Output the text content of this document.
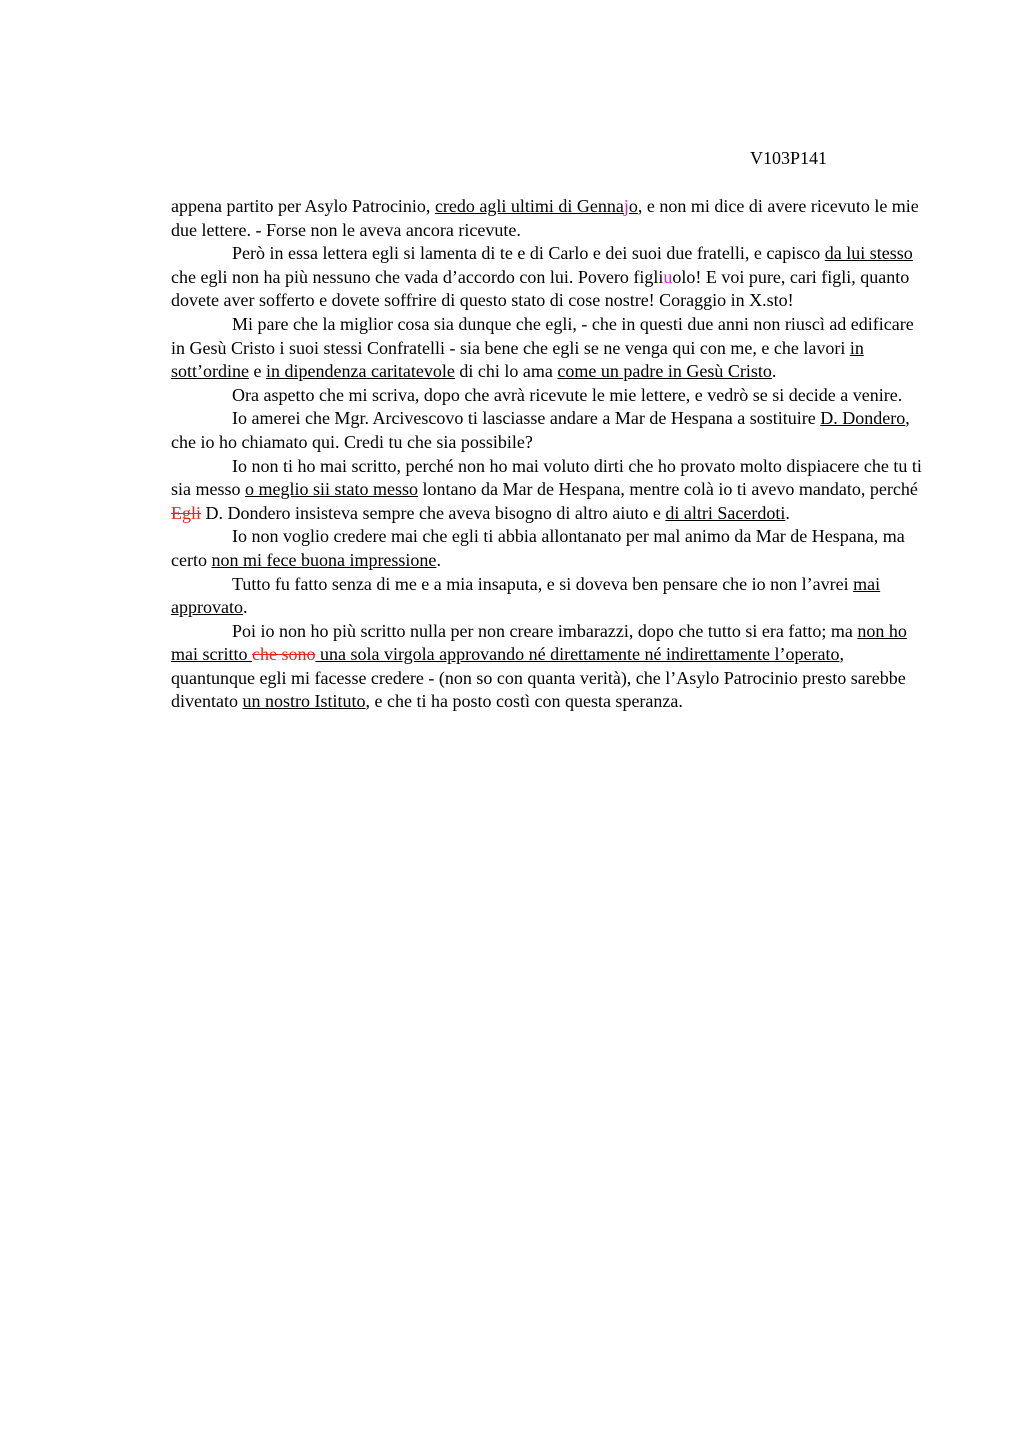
V103P141

appena partito per Asylo Patrocinio, credo agli ultimi di Gennajo, e non mi dice di avere ricevuto le mie due lettere. - Forse non le aveva ancora ricevute.

Però in essa lettera egli si lamenta di te e di Carlo e dei suoi due fratelli, e capisco da lui stesso che egli non ha più nessuno che vada d’accordo con lui. Povero figliuolo! E voi pure, cari figli, quanto dovete aver sofferto e dovete soffrire di questo stato di cose nostre! Coraggio in X.sto!

Mi pare che la miglior cosa sia dunque che egli, - che in questi due anni non riuscì ad edificare in Gesù Cristo i suoi stessi Confratelli - sia bene che egli se ne venga qui con me, e che lavori in sott’ordine e in dipendenza caritatevole di chi lo ama come un padre in Gesù Cristo.

Ora aspetto che mi scriva, dopo che avrà ricevute le mie lettere, e vedrò se si decide a venire.

Io amerei che Mgr. Arcivescovo ti lasciasse andare a Mar de Hespana a sostituire D. Dondero, che io ho chiamato qui. Credi tu che sia possibile?

Io non ti ho mai scritto, perché non ho mai voluto dirti che ho provato molto dispiacere che tu ti sia messo o meglio sii stato messo lontano da Mar de Hespana, mentre colà io ti avevo mandato, perché Egli D. Dondero insisteva sempre che aveva bisogno di altro aiuto e di altri Sacerdoti.

Io non voglio credere mai che egli ti abbia allontanato per mal animo da Mar de Hespana, ma certo non mi fece buona impressione.

Tutto fu fatto senza di me e a mia insaputa, e si doveva ben pensare che io non l’avrei mai approvato.

Poi io non ho più scritto nulla per non creare imbarazzi, dopo che tutto si era fatto; ma non ho mai scritto che sono una sola virgola approvando né direttamente né indirettamente l’operato, quantunque egli mi facesse credere - (non so con quanta verità), che l’Asylo Patrocinio presto sarebbe diventato un nostro Istituto, e che ti ha posto costì con questa speranza.
